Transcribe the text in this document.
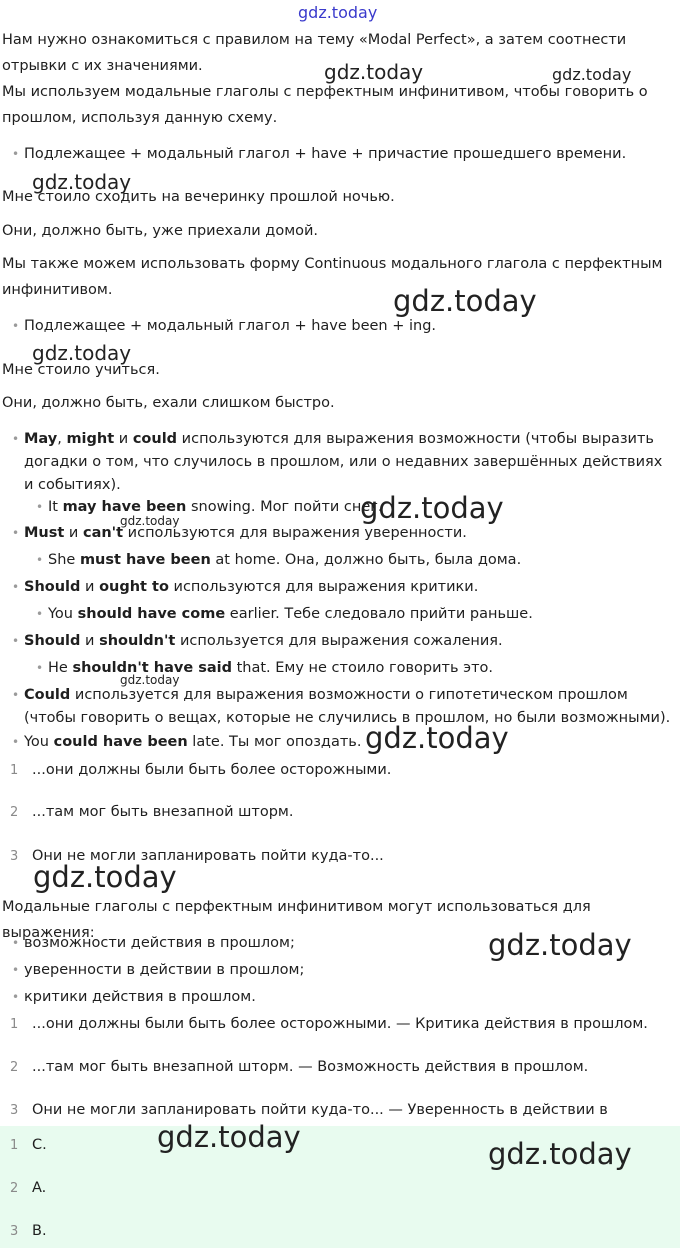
gdz.today

Нам нужно ознакомиться с правилом на тему «Modal Perfect», а затем соотнести отрывки с их значениями.

Мы используем модальные глаголы с перфектным инфинитивом, чтобы говорить о прошлом, используя данную схему.

• Подлежащее + модальный глагол + have + причастие прошедшего времени.

Мне стоило сходить на вечеринку прошлой ночью.

Они, должно быть, уже приехали домой.

Мы также можем использовать форму Continuous модального глагола с перфектным инфинитивом.

• Подлежащее + модальный глагол + have been + ing.

Мне стоило учиться.

Они, должно быть, ехали слишком быстро.

• May, might и could используются для выражения возможности (чтобы выразить догадки о том, что случилось в прошлом, или о недавних завершённых действиях и событиях).
• It may have been snowing. Мог пойти снег.
• Must и can't используются для выражения уверенности.
• She must have been at home. Она, должно быть, была дома.
• Should и ought to используются для выражения критики.
• You should have come earlier. Тебе следовало прийти раньше.
• Should и shouldn't используется для выражения сожаления.
• He shouldn't have said that. Ему не стоило говорить это.
• Could используется для выражения возможности о гипотетическом прошлом (чтобы говорить о вещах, которые не случились в прошлом, но были возможными).
• You could have been late. Ты мог опоздать.
1 ...они должны были быть более осторожными.
2 ...там мог быть внезапной шторм.
3 Они не могли запланировать пойти куда-то...

Модальные глаголы с перфектным инфинитивом могут использоваться для выражения:

• возможности действия в прошлом;
• уверенности в действии в прошлом;
• критики действия в прошлом.
1 ...они должны были быть более осторожными. — Критика действия в прошлом.
2 ...там мог быть внезапной шторм. — Возможность действия в прошлом.
3 Они не могли запланировать пойти куда-то... — Уверенность в действии в
1 C.
2 A.
3 B.
gdz.today	gdz.today
gdz.today
gdz.today
gdz.today
gdz.today
gdz.today
gdz.today
gdz.today
gdz.today
gdz.today
gdz.today	gdz.today
